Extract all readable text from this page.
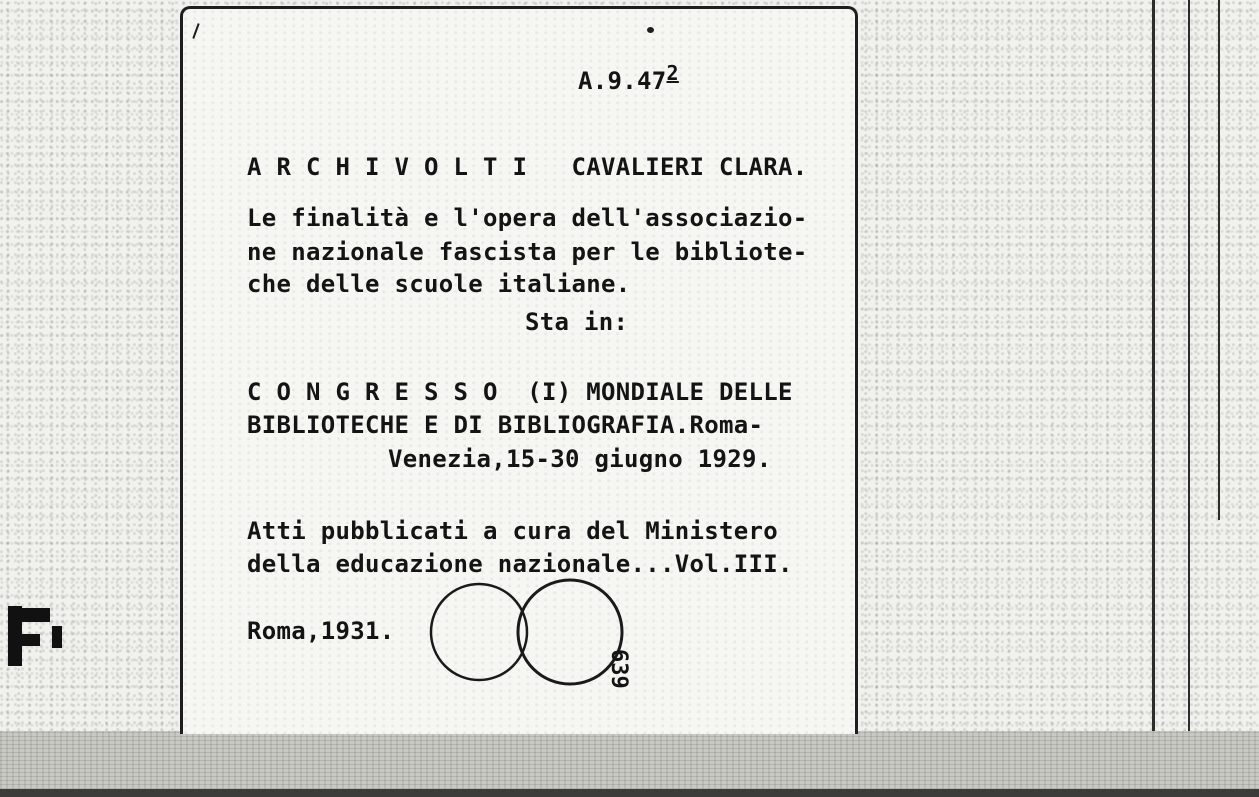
A.9.47$^2$
A R C H I V O L T I   CAVALIERI CLARA.
Le finalità e l'opera dell'associazio-
ne nazionale fascista per le bibliote-
che delle scuole italiane.
Sta in:
C O N G R E S S O  (I) MONDIALE DELLE
BIBLIOTECHE E DI BIBLIOGRAFIA.Roma-
Venezia,15-30 giugno 1929.
Atti pubblicati a cura del Ministero
della educazione nazionale...Vol.III.
Roma,1931.
639
